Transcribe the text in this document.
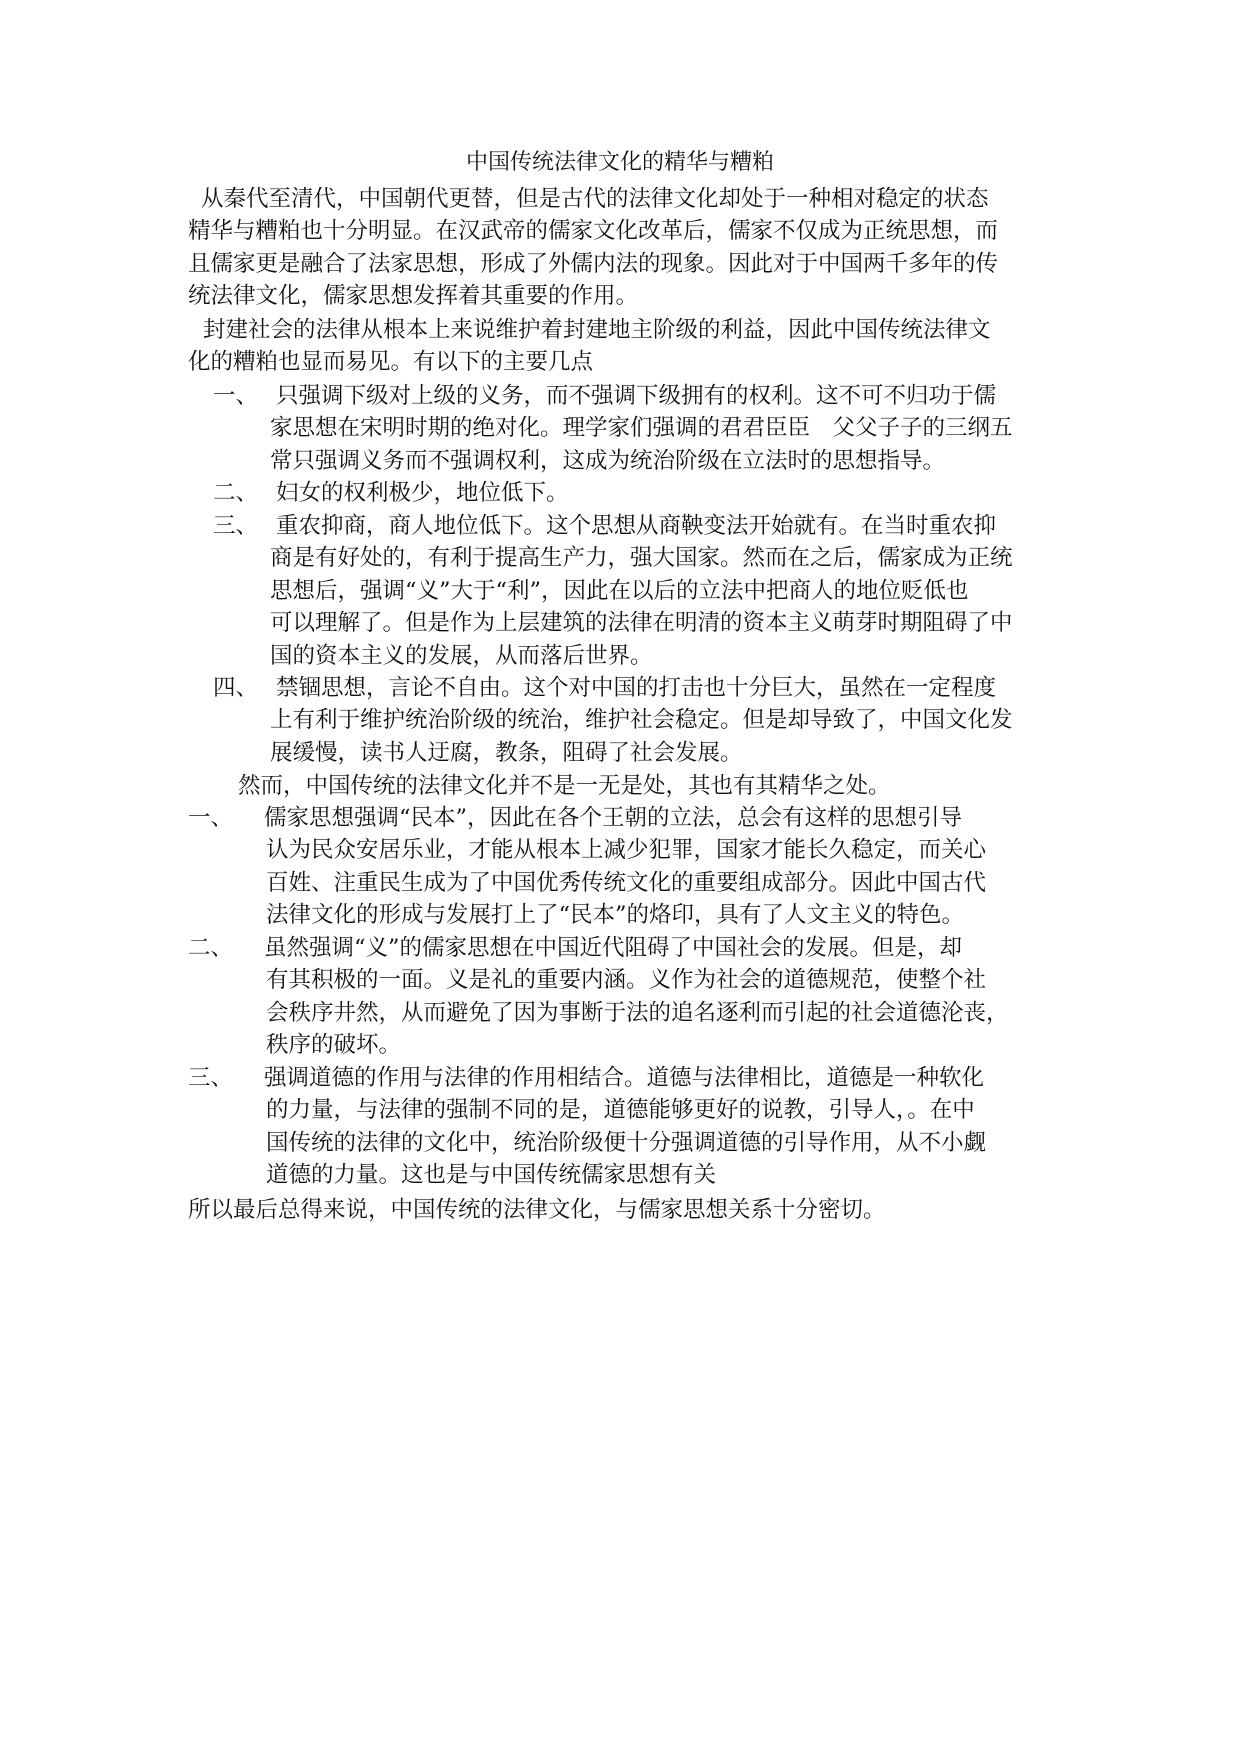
中国传统法律文化的精华与糟粕

从秦代至清代，中国朝代更替，但是古代的法律文化却处于一种相对稳定的状态
精华与糟粕也十分明显。在汉武帝的儒家文化改革后，儒家不仅成为正统思想，而
且儒家更是融合了法家思想，形成了外儒内法的现象。因此对于中国两千多年的传
统法律文化，儒家思想发挥着其重要的作用。

封建社会的法律从根本上来说维护着封建地主阶级的利益，因此中国传统法律文
化的糟粕也显而易见。有以下的主要几点

一、 只强调下级对上级的义务，而不强调下级拥有的权利。这不可不归功于儒
家思想在宋明时期的绝对化。理学家们强调的君君臣臣　父父子子的三纲五
常只强调义务而不强调权利，这成为统治阶级在立法时的思想指导。
二、 妇女的权利极少，地位低下。
三、 重农抑商，商人地位低下。这个思想从商鞅变法开始就有。在当时重农抑
商是有好处的，有利于提高生产力，强大国家。然而在之后，儒家成为正统
思想后，强调“义”大于“利”，因此在以后的立法中把商人的地位贬低也
可以理解了。但是作为上层建筑的法律在明清的资本主义萌芽时期阻碍了中
国的资本主义的发展，从而落后世界。
四、 禁锢思想，言论不自由。这个对中国的打击也十分巨大，虽然在一定程度
上有利于维护统治阶级的统治，维护社会稳定。但是却导致了，中国文化发
展缓慢，读书人迂腐，教条，阻碍了社会发展。

然而，中国传统的法律文化并不是一无是处，其也有其精华之处。

一、 儒家思想强调“民本”，因此在各个王朝的立法，总会有这样的思想引导
认为民众安居乐业，才能从根本上减少犯罪，国家才能长久稳定，而关心
百姓、注重民生成为了中国优秀传统文化的重要组成部分。因此中国古代
法律文化的形成与发展打上了“民本”的烙印，具有了人文主义的特色。
二、 虽然强调“义”的儒家思想在中国近代阻碍了中国社会的发展。但是，却
有其积极的一面。义是礼的重要内涵。义作为社会的道德规范，使整个社
会秩序井然，从而避免了因为事断于法的追名逐利而引起的社会道德沦丧，
秩序的破坏。
三、 强调道德的作用与法律的作用相结合。道德与法律相比，道德是一种软化
的力量，与法律的强制不同的是，道德能够更好的说教，引导人，。在中
国传统的法律的文化中，统治阶级便十分强调道德的引导作用，从不小觑
道德的力量。这也是与中国传统儒家思想有关

所以最后总得来说，中国传统的法律文化，与儒家思想关系十分密切。
